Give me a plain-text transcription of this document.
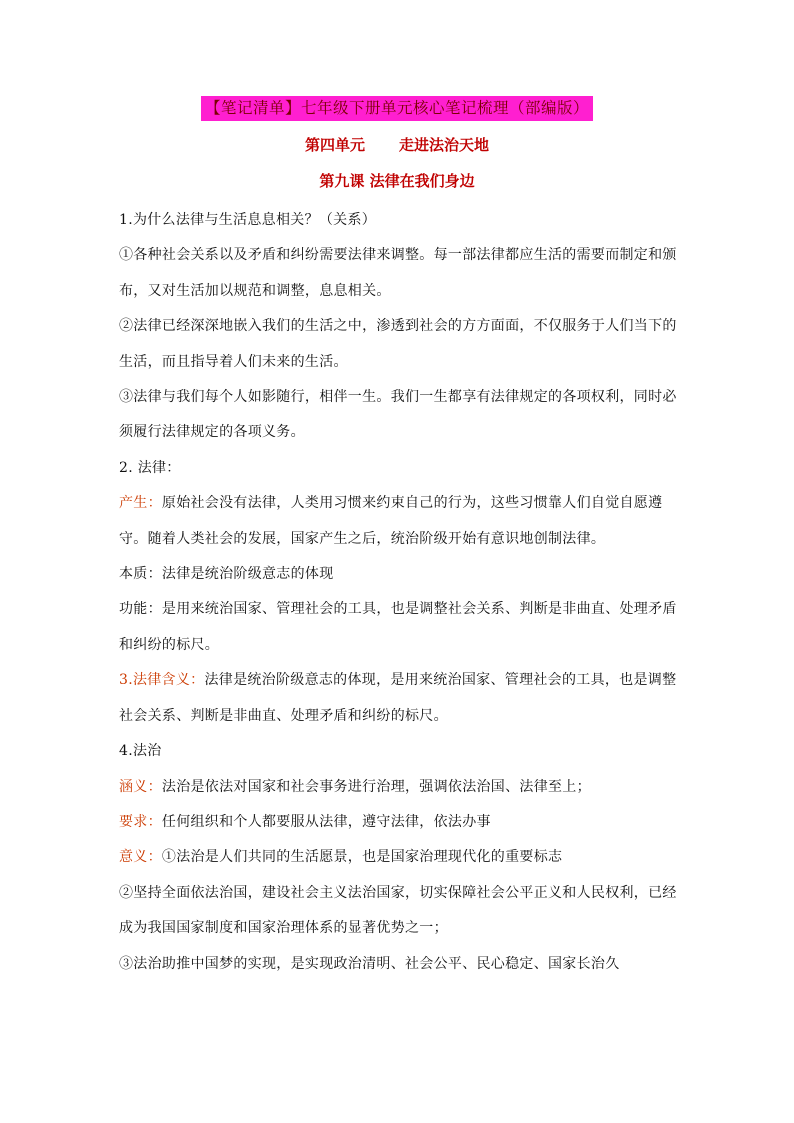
【笔记清单】七年级下册单元核心笔记梳理（部编版）
第四单元 走进法治天地
第九课 法律在我们身边

1.为什么法律与生活息息相关？（关系）

①各种社会关系以及矛盾和纠纷需要法律来调整。每一部法律都应生活的需要而制定和颁布，又对生活加以规范和调整，息息相关。

②法律已经深深地嵌入我们的生活之中，渗透到社会的方方面面，不仅服务于人们当下的生活，而且指导着人们未来的生活。

③法律与我们每个人如影随行，相伴一生。我们一生都享有法律规定的各项权利，同时必须履行法律规定的各项义务。

2. 法律：

产生：原始社会没有法律，人类用习惯来约束自己的行为，这些习惯靠人们自觉自愿遵守。随着人类社会的发展，国家产生之后，统治阶级开始有意识地创制法律。

本质：法律是统治阶级意志的体现

功能：是用来统治国家、管理社会的工具，也是调整社会关系、判断是非曲直、处理矛盾和纠纷的标尺。

3.法律含义：法律是统治阶级意志的体现，是用来统治国家、管理社会的工具，也是调整社会关系、判断是非曲直、处理矛盾和纠纷的标尺。

4.法治

涵义：法治是依法对国家和社会事务进行治理，强调依法治国、法律至上；

要求：任何组织和个人都要服从法律，遵守法律，依法办事

意义：①法治是人们共同的生活愿景，也是国家治理现代化的重要标志

②坚持全面依法治国，建设社会主义法治国家，切实保障社会公平正义和人民权利，已经成为我国国家制度和国家治理体系的显著优势之一；

③法治助推中国梦的实现，是实现政治清明、社会公平、民心稳定、国家长治久
